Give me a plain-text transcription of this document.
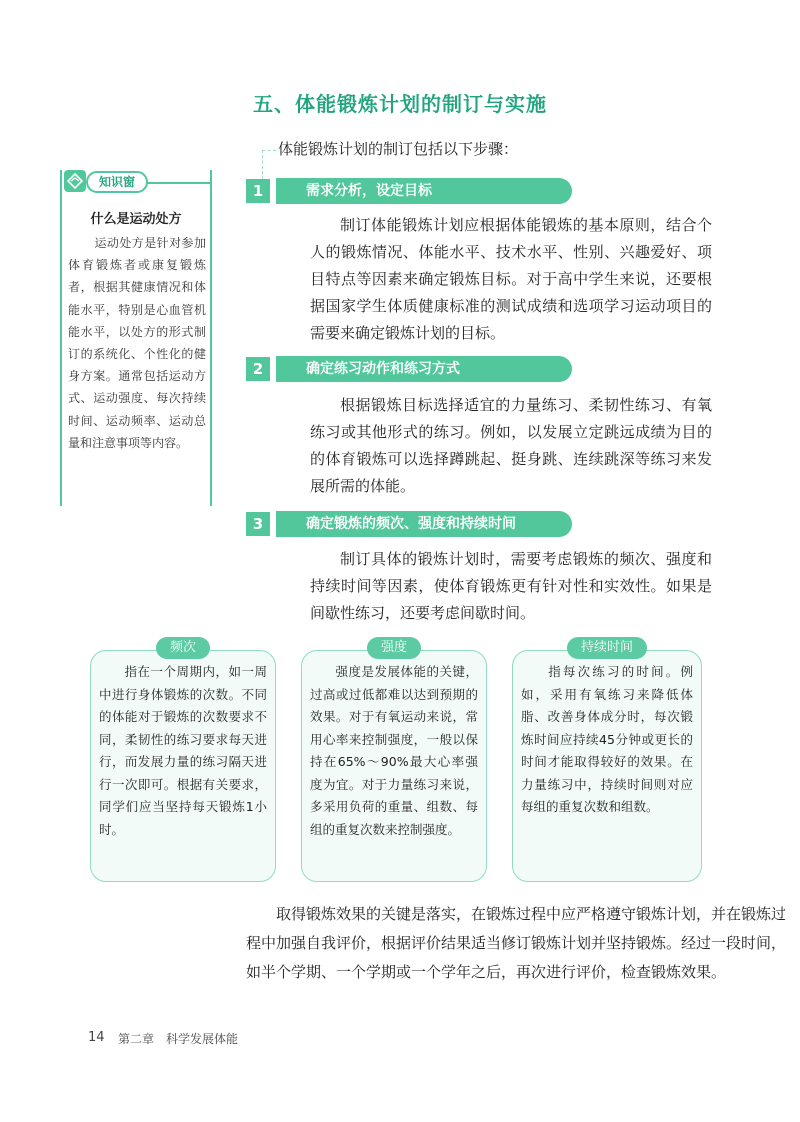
五、体能锻炼计划的制订与实施
体能锻炼计划的制订包括以下步骤：
知识窗
什么是运动处方
运动处方是针对参加体育锻炼者或康复锻炼者，根据其健康情况和体能水平，特别是心血管机能水平，以处方的形式制订的系统化、个性化的健身方案。通常包括运动方式、运动强度、每次持续时间、运动频率、运动总量和注意事项等内容。
1	需求分析，设定目标
制订体能锻炼计划应根据体能锻炼的基本原则，结合个人的锻炼情况、体能水平、技术水平、性别、兴趣爱好、项目特点等因素来确定锻炼目标。对于高中学生来说，还要根据国家学生体质健康标准的测试成绩和选项学习运动项目的需要来确定锻炼计划的目标。
2	确定练习动作和练习方式
根据锻炼目标选择适宜的力量练习、柔韧性练习、有氧练习或其他形式的练习。例如，以发展立定跳远成绩为目的的体育锻炼可以选择蹲跳起、挺身跳、连续跳深等练习来发展所需的体能。
3	确定锻炼的频次、强度和持续时间
制订具体的锻炼计划时，需要考虑锻炼的频次、强度和持续时间等因素，使体育锻炼更有针对性和实效性。如果是间歇性练习，还要考虑间歇时间。
频次
指在一个周期内，如一周中进行身体锻炼的次数。不同的体能对于锻炼的次数要求不同，柔韧性的练习要求每天进行，而发展力量的练习隔天进行一次即可。根据有关要求，同学们应当坚持每天锻炼1小时。
强度
强度是发展体能的关键，过高或过低都难以达到预期的效果。对于有氧运动来说，常用心率来控制强度，一般以保持在65%～90%最大心率强度为宜。对于力量练习来说，多采用负荷的重量、组数、每组的重复次数来控制强度。
持续时间
指每次练习的时间。例如，采用有氧练习来降低体脂、改善身体成分时，每次锻炼时间应持续45分钟或更长的时间才能取得较好的效果。在力量练习中，持续时间则对应每组的重复次数和组数。
取得锻炼效果的关键是落实，在锻炼过程中应严格遵守锻炼计划，并在锻炼过程中加强自我评价，根据评价结果适当修订锻炼计划并坚持锻炼。经过一段时间，如半个学期、一个学期或一个学年之后，再次进行评价，检查锻炼效果。
14 第二章　科学发展体能
